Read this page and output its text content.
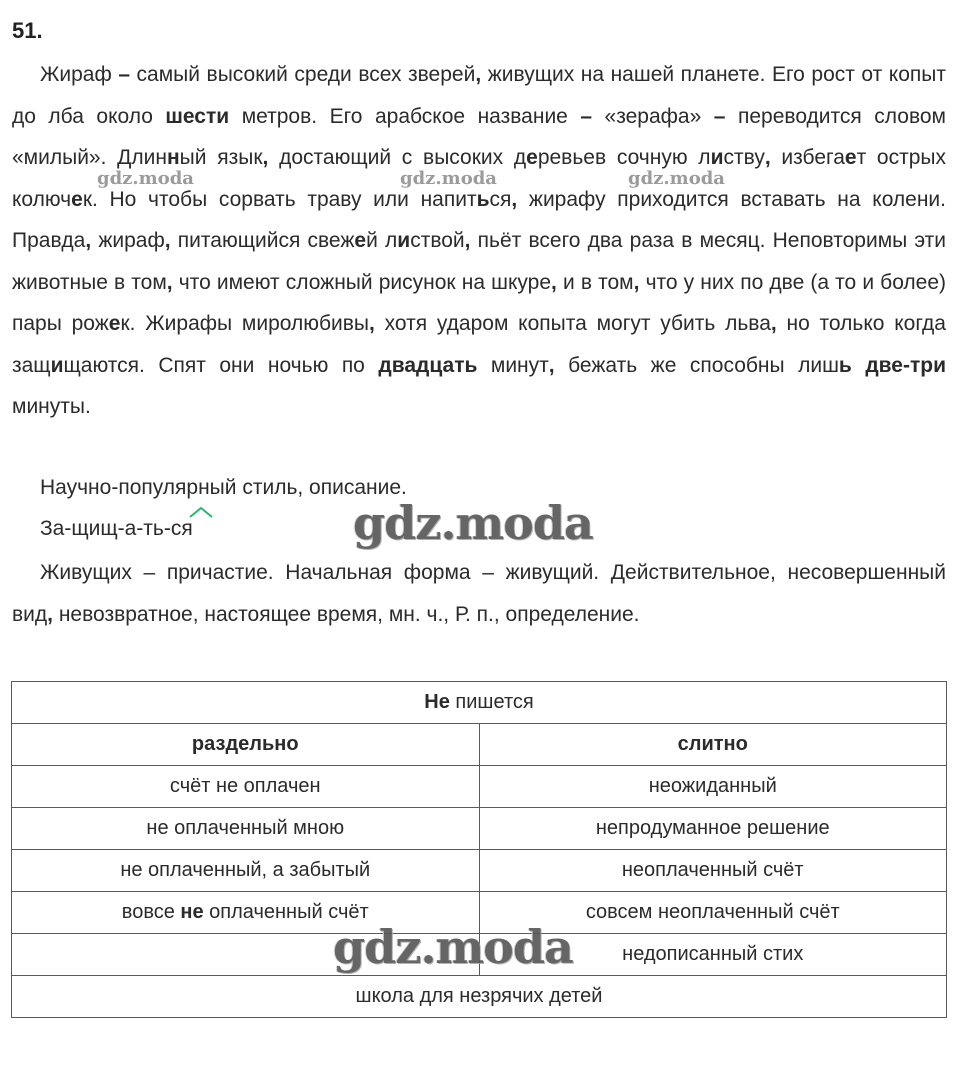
51.

Жираф – самый высокий среди всех зверей, живущих на нашей планете. Его рост от копыт до лба около шести метров. Его арабское название – «зерафа» – переводится словом «милый». Длинный язык, достающий с высоких деревьев сочную листву, избегает острых колючек. Но чтобы сорвать траву или напиться, жирафу приходится вставать на колени. Правда, жираф, питающийся свежей листвой, пьёт всего два раза в месяц. Неповторимы эти животные в том, что имеют сложный рисунок на шкуре, и в том, что у них по две (а то и более) пары рожек. Жирафы миролюбивы, хотя ударом копыта могут убить льва, но только когда защищаются. Спят они ночью по двадцать минут, бежать же способны лишь две-три минуты.

gdz.moda	gdz.moda	gdz.moda

Научно-популярный стиль, описание.

За-щищ-а-ть-ся	gdz.moda

Живущих – причастие. Начальная форма – живущий. Действительное, несовершенный вид, невозвратное, настоящее время, мн. ч., Р. п., определение.

Не пишется	
раздельно	слитно
счёт не оплачен	неожиданный
не оплаченный мною	непродуманное решение
не оплаченный, а забытый	неоплаченный счёт
вовсе не оплаченный счёт	совсем неоплаченный счёт
	недописанный стих
школа для незрячих детей	
gdz.moda
